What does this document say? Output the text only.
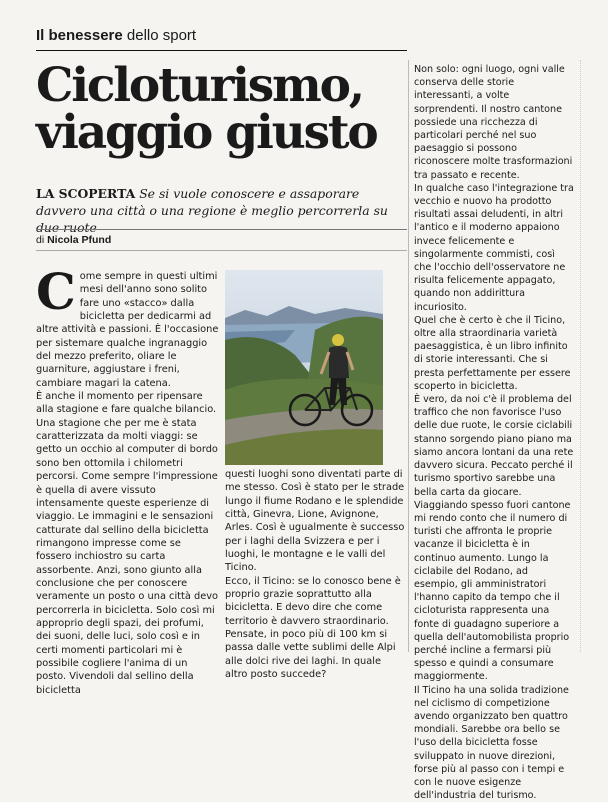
Il benessere dello sport
Cicloturismo,
viaggio giusto
LA SCOPERTA Se si vuole conoscere e assaporare davvero una città o una regione è meglio percorrerla su due ruote
di Nicola Pfund
C ome sempre in questi ultimi mesi dell'anno sono solito fare uno «stacco» dalla bicicletta per dedicarmi ad altre attività e passioni. È l'occasione per sistemare qualche ingranaggio del mezzo preferito, oliare le guarniture, aggiustare i freni, cambiare magari la catena.

È anche il momento per ripensare alla stagione e fare qualche bilancio. Una stagione che per me è stata caratterizzata da molti viaggi: se getto un occhio al computer di bordo sono ben ottomila i chilometri percorsi. Come sempre l'impressione è quella di avere vissuto intensamente queste esperienze di viaggio. Le immagini e le sensazioni catturate dal sellino della bicicletta rimangono impresse come se fossero inchiostro su carta assorbente. Anzi, sono giunto alla conclusione che per conoscere veramente un posto o una città devo percorrerla in bicicletta. Solo così mi approprio degli spazi, dei profumi, dei suoni, delle luci, solo così e in certi momenti particolari mi è possibile cogliere l'anima di un posto. Vivendoli dal sellino della bicicletta

questi luoghi sono diventati parte di me stesso. Così è stato per le strade lungo il fiume Rodano e le splendide città, Ginevra, Lione, Avignone, Arles. Così è ugualmente è successo per i laghi della Svizzera e per i luoghi, le montagne e le valli del Ticino.

Ecco, il Ticino: se lo conosco bene è proprio grazie soprattutto alla bicicletta. E devo dire che come territorio è davvero straordinario. Pensate, in poco più di 100 km si passa dalle vette sublimi delle Alpi alle dolci rive dei laghi. In quale altro posto succede?

Non solo: ogni luogo, ogni valle conserva delle storie interessanti, a volte sorprendenti. Il nostro cantone possiede una ricchezza di particolari perché nel suo paesaggio si possono riconoscere molte trasformazioni tra passato e recente.

In qualche caso l'integrazione tra vecchio e nuovo ha prodotto risultati assai deludenti, in altri l'antico e il moderno appaiono invece felicemente e singolarmente commisti, così che l'occhio dell'osservatore ne risulta felicemente appagato, quando non addirittura incuriosito.

Quel che è certo è che il Ticino, oltre alla straordinaria varietà paesaggistica, è un libro infinito di storie interessanti. Che si presta perfettamente per essere scoperto in bicicletta.

È vero, da noi c'è il problema del traffico che non favorisce l'uso delle due ruote, le corsie ciclabili stanno sorgendo piano piano ma siamo ancora lontani da una rete davvero sicura. Peccato perché il turismo sportivo sarebbe una bella carta da giocare. Viaggiando spesso fuori cantone mi rendo conto che il numero di turisti che affronta le proprie vacanze il bicicletta è in continuo aumento. Lungo la ciclabile del Rodano, ad esempio, gli amministratori l'hanno capito da tempo che il cicloturista rappresenta una fonte di guadagno superiore a quella dell'automobilista proprio perché incline a fermarsi più spesso e quindi a consumare maggiormente.

Il Ticino ha una solida tradizione nel ciclismo di competizione avendo organizzato ben quattro mondiali. Sarebbe ora bello se l'uso della bicicletta fosse sviluppato in nuove direzioni, forse più al passo con i tempi e con le nuove esigenze dell'industria del turismo.
